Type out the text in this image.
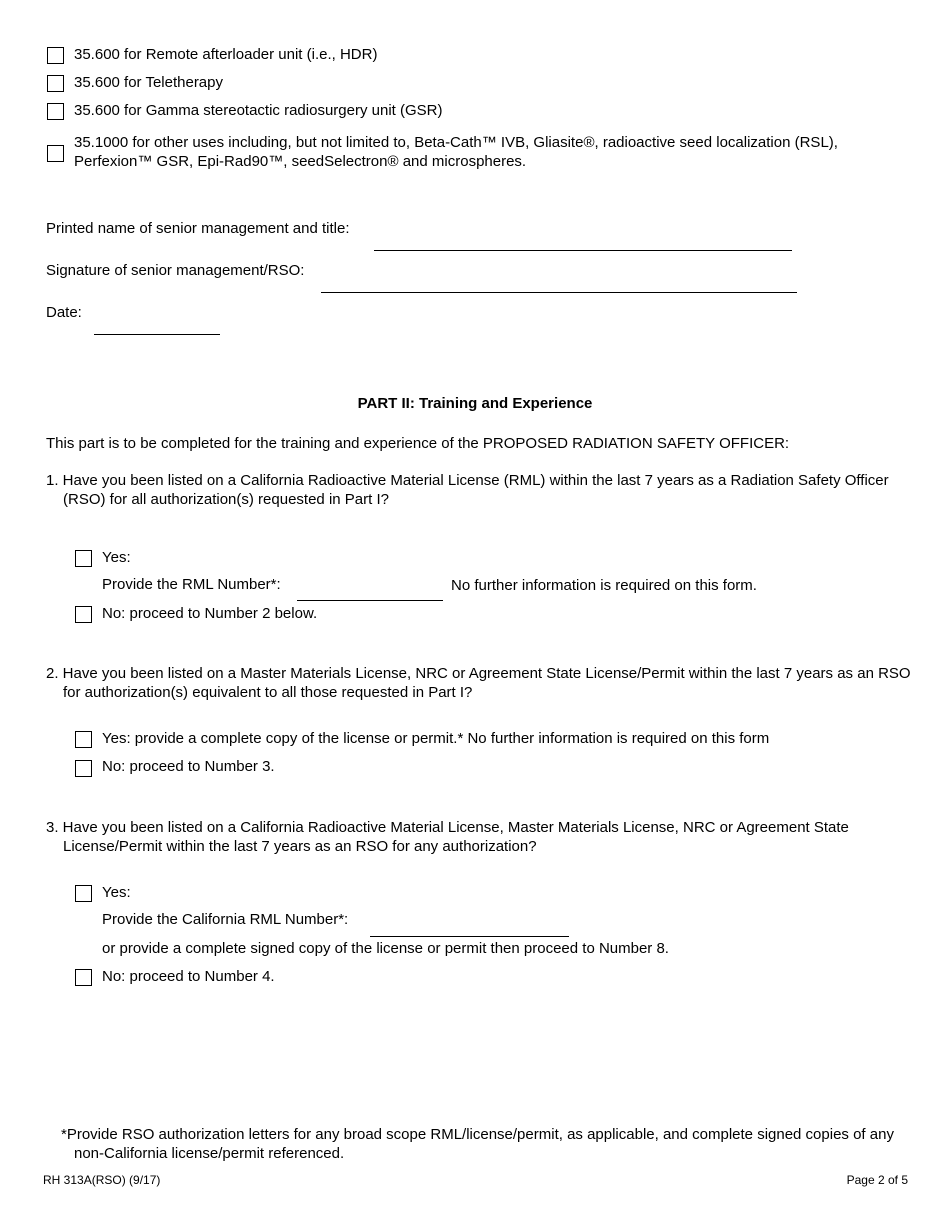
35.600 for Remote afterloader unit (i.e., HDR)
35.600 for Teletherapy
35.600 for Gamma stereotactic radiosurgery unit (GSR)
35.1000 for other uses including, but not limited to, Beta-Cath™ IVB, Gliasite®, radioactive seed localization (RSL), Perfexion™ GSR, Epi-Rad90™, seedSelectron® and microspheres.
Printed name of senior management and title:
Signature of senior management/RSO:
Date:
PART II: Training and Experience
This part is to be completed for the training and experience of the PROPOSED RADIATION SAFETY OFFICER:
1. Have you been listed on a California Radioactive Material License (RML) within the last 7 years as a Radiation Safety Officer (RSO) for all authorization(s) requested in Part I?
Yes:
Provide the RML Number*:	No further information is required on this form.
No: proceed to Number 2 below.
2. Have you been listed on a Master Materials License, NRC or Agreement State License/Permit within the last 7 years as an RSO for authorization(s) equivalent to all those requested in Part I?
Yes: provide a complete copy of the license or permit.* No further information is required on this form
No: proceed to Number 3.
3. Have you been listed on a California Radioactive Material License, Master Materials License, NRC or Agreement State License/Permit within the last 7 years as an RSO for any authorization?
Yes:
Provide the California RML Number*:
or provide a complete signed copy of the license or permit then proceed to Number 8.
No: proceed to Number 4.
*Provide RSO authorization letters for any broad scope RML/license/permit, as applicable, and complete signed copies of any non-California license/permit referenced.
RH 313A(RSO) (9/17)	Page 2 of 5
